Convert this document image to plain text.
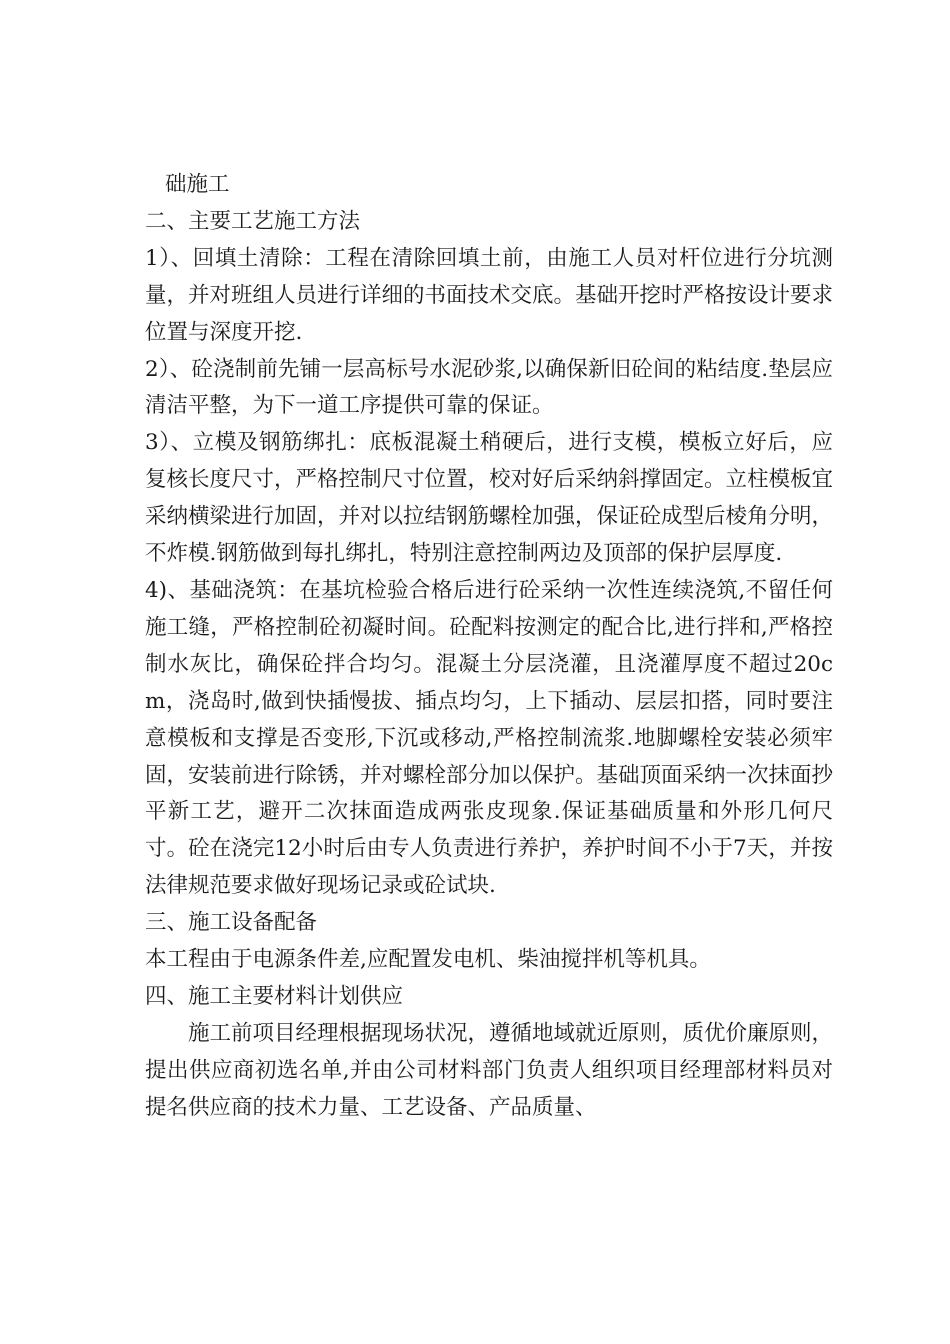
础施工

二、主要工艺施工方法

1）、回填土清除：工程在清除回填土前，由施工人员对杆位进行分坑测量，并对班组人员进行详细的书面技术交底。基础开挖时严格按设计要求位置与深度开挖.

2）、砼浇制前先铺一层高标号水泥砂浆,以确保新旧砼间的粘结度.垫层应清洁平整，为下一道工序提供可靠的保证。

3）、立模及钢筋绑扎：底板混凝土稍硬后，进行支模，模板立好后，应复核长度尺寸，严格控制尺寸位置，校对好后采纳斜撑固定。立柱模板宜采纳横梁进行加固，并对以拉结钢筋螺栓加强，保证砼成型后棱角分明，不炸模.钢筋做到每扎绑扎，特别注意控制两边及顶部的保护层厚度.

4)、基础浇筑：在基坑检验合格后进行砼采纳一次性连续浇筑,不留任何施工缝，严格控制砼初凝时间。砼配料按测定的配合比,进行拌和,严格控制水灰比，确保砼拌合均匀。混凝土分层浇灌，且浇灌厚度不超过20cm，浇岛时,做到快插慢拔、插点均匀，上下插动、层层扣搭，同时要注意模板和支撑是否变形,下沉或移动,严格控制流浆.地脚螺栓安装必须牢固，安装前进行除锈，并对螺栓部分加以保护。基础顶面采纳一次抹面抄平新工艺，避开二次抹面造成两张皮现象.保证基础质量和外形几何尺寸。砼在浇完12小时后由专人负责进行养护，养护时间不小于7天，并按法律规范要求做好现场记录或砼试块.

三、施工设备配备

本工程由于电源条件差,应配置发电机、柴油搅拌机等机具。

四、施工主要材料计划供应

施工前项目经理根据现场状况，遵循地域就近原则，质优价廉原则，提出供应商初选名单,并由公司材料部门负责人组织项目经理部材料员对提名供应商的技术力量、工艺设备、产品质量、
